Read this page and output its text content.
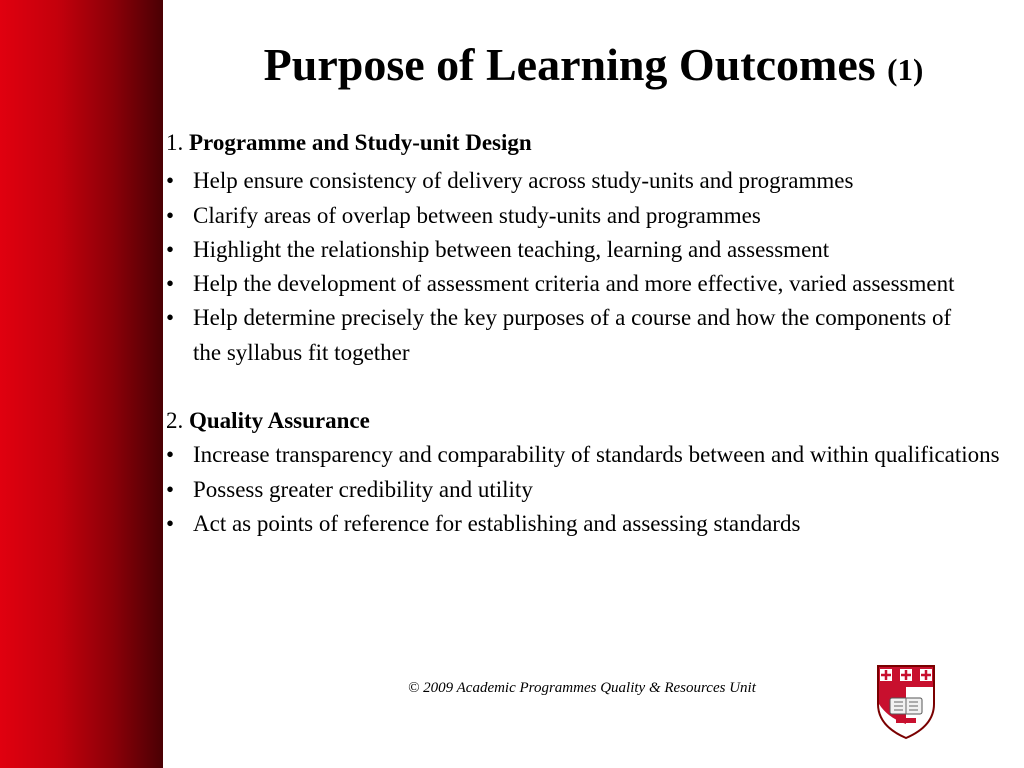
Purpose of Learning Outcomes (1)
1. Programme and Study-unit Design
• Help ensure consistency of delivery across study-units and programmes
• Clarify areas of overlap between study-units and programmes
• Highlight the relationship between teaching, learning and assessment
• Help the development of assessment criteria and more effective, varied assessment
• Help determine precisely the key purposes of a course and how the components of the syllabus fit together
2. Quality Assurance
• Increase transparency and comparability of standards between and within qualifications
• Possess greater credibility and utility
• Act as points of reference for establishing and assessing standards
© 2009 Academic Programmes Quality & Resources Unit
